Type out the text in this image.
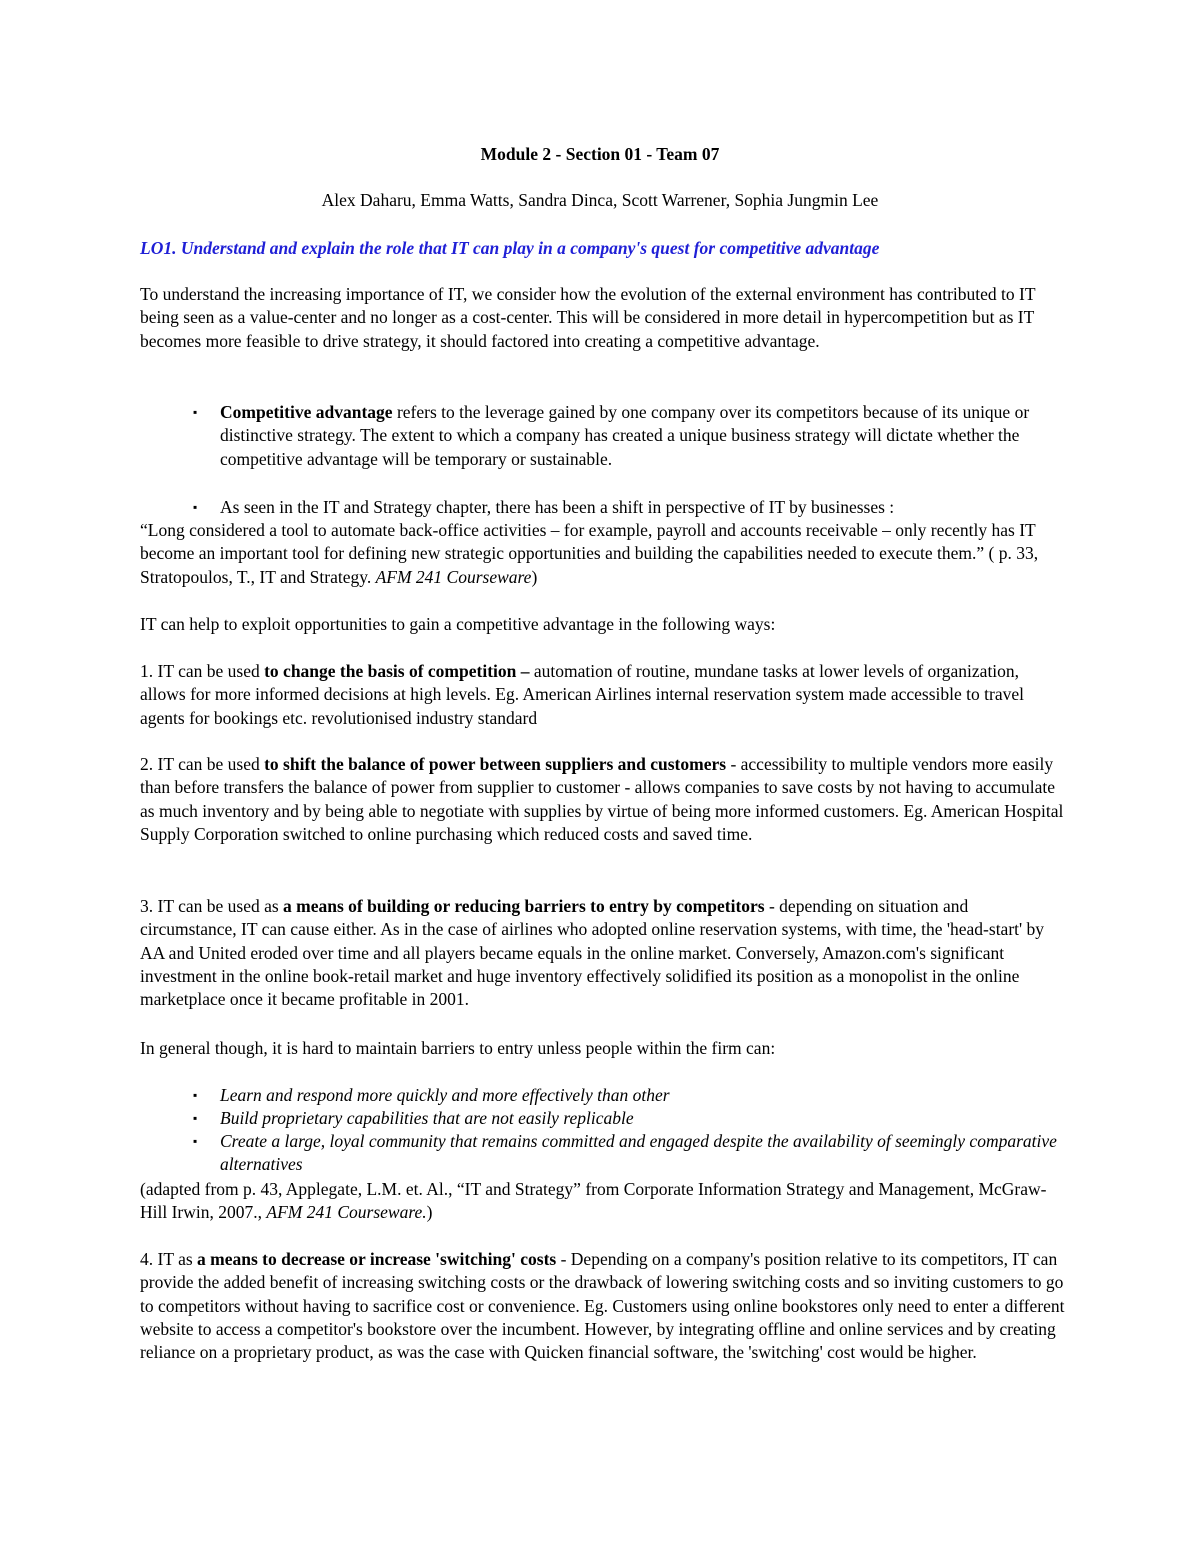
Module 2 - Section 01 - Team 07
Alex Daharu, Emma Watts, Sandra Dinca, Scott Warrener, Sophia Jungmin Lee
LO1. Understand and explain the role that IT can play in a company's quest for competitive advantage

To understand the increasing importance of IT, we consider how the evolution of the external environment has contributed to IT being seen as a value-center and no longer as a cost-center. This will be considered in more detail in hypercompetition but as IT becomes more feasible to drive strategy, it should factored into creating a competitive advantage.

▪	Competitive advantage refers to the leverage gained by one company over its competitors because of its unique or distinctive strategy. The extent to which a company has created a unique business strategy will dictate whether the competitive advantage will be temporary or sustainable.
▪	As seen in the IT and Strategy chapter, there has been a shift in perspective of IT by businesses :

“Long considered a tool to automate back-office activities – for example, payroll and accounts receivable – only recently has IT become an important tool for defining new strategic opportunities and building the capabilities needed to execute them.” ( p. 33, Stratopoulos, T., IT and Strategy. AFM 241 Courseware)

IT can help to exploit opportunities to gain a competitive advantage in the following ways:

1. IT can be used to change the basis of competition – automation of routine, mundane tasks at lower levels of organization, allows for more informed decisions at high levels. Eg. American Airlines internal reservation system made accessible to travel agents for bookings etc. revolutionised industry standard

2. IT can be used to shift the balance of power between suppliers and customers - accessibility to multiple vendors more easily than before transfers the balance of power from supplier to customer - allows companies to save costs by not having to accumulate as much inventory and by being able to negotiate with supplies by virtue of being more informed customers. Eg. American Hospital Supply Corporation switched to online purchasing which reduced costs and saved time.

3. IT can be used as a means of building or reducing barriers to entry by competitors - depending on situation and circumstance, IT can cause either. As in the case of airlines who adopted online reservation systems, with time, the 'head-start' by AA and United eroded over time and all players became equals in the online market. Conversely, Amazon.com's significant investment in the online book-retail market and huge inventory effectively solidified its position as a monopolist in the online marketplace once it became profitable in 2001.

In general though, it is hard to maintain barriers to entry unless people within the firm can:

▪	Learn and respond more quickly and more effectively than other
▪	Build proprietary capabilities that are not easily replicable
▪	Create a large, loyal community that remains committed and engaged despite the availability of seemingly comparative alternatives

(adapted from p. 43, Applegate, L.M. et. Al., “IT and Strategy” from Corporate Information Strategy and Management, McGraw-Hill Irwin, 2007., AFM 241 Courseware.)

4. IT as a means to decrease or increase 'switching' costs - Depending on a company's position relative to its competitors, IT can provide the added benefit of increasing switching costs or the drawback of lowering switching costs and so inviting customers to go to competitors without having to sacrifice cost or convenience. Eg. Customers using online bookstores only need to enter a different website to access a competitor's bookstore over the incumbent. However, by integrating offline and online services and by creating reliance on a proprietary product, as was the case with Quicken financial software, the 'switching' cost would be higher.
